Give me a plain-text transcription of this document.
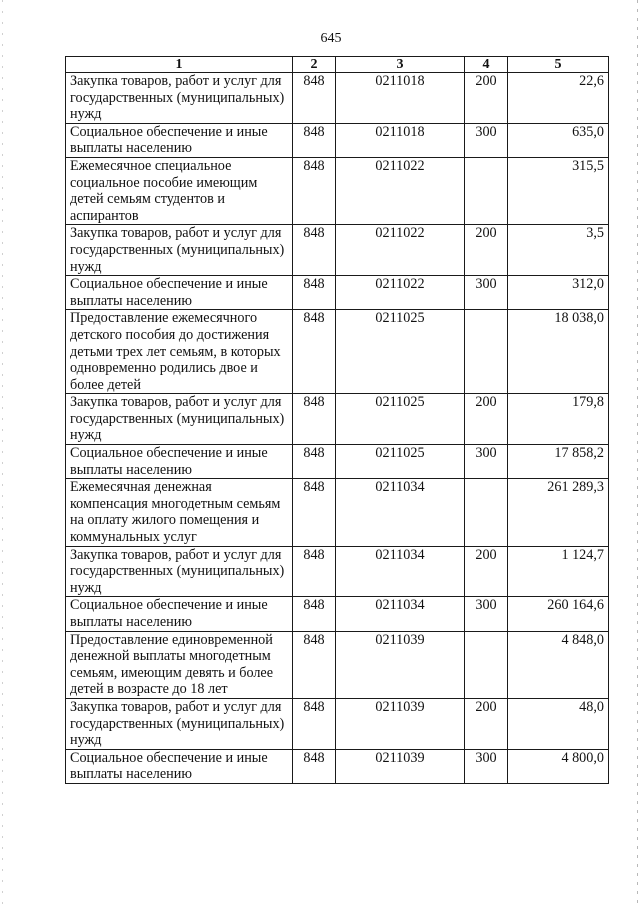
645
1	2	3	4	5
Закупка товаров, работ и услуг для государственных (муниципальных) нужд	848	0211018	200	22,6
Социальное обеспечение и иные выплаты населению	848	0211018	300	635,0
Ежемесячное специальное социальное пособие имеющим детей семьям студентов и аспирантов	848	0211022		315,5
Закупка товаров, работ и услуг для государственных (муниципальных) нужд	848	0211022	200	3,5
Социальное обеспечение и иные выплаты населению	848	0211022	300	312,0
Предоставление ежемесячного детского пособия до достижения детьми трех лет семьям, в которых одновременно родились двое и более детей	848	0211025		18 038,0
Закупка товаров, работ и услуг для государственных (муниципальных) нужд	848	0211025	200	179,8
Социальное обеспечение и иные выплаты населению	848	0211025	300	17 858,2
Ежемесячная денежная компенсация многодетным семьям на оплату жилого помещения и коммунальных услуг	848	0211034		261 289,3
Закупка товаров, работ и услуг для государственных (муниципальных) нужд	848	0211034	200	1 124,7
Социальное обеспечение и иные выплаты населению	848	0211034	300	260 164,6
Предоставление единовременной денежной выплаты многодетным семьям, имеющим девять и более детей в возрасте до 18 лет	848	0211039		4 848,0
Закупка товаров, работ и услуг для государственных (муниципальных) нужд	848	0211039	200	48,0
Социальное обеспечение и иные выплаты населению	848	0211039	300	4 800,0
